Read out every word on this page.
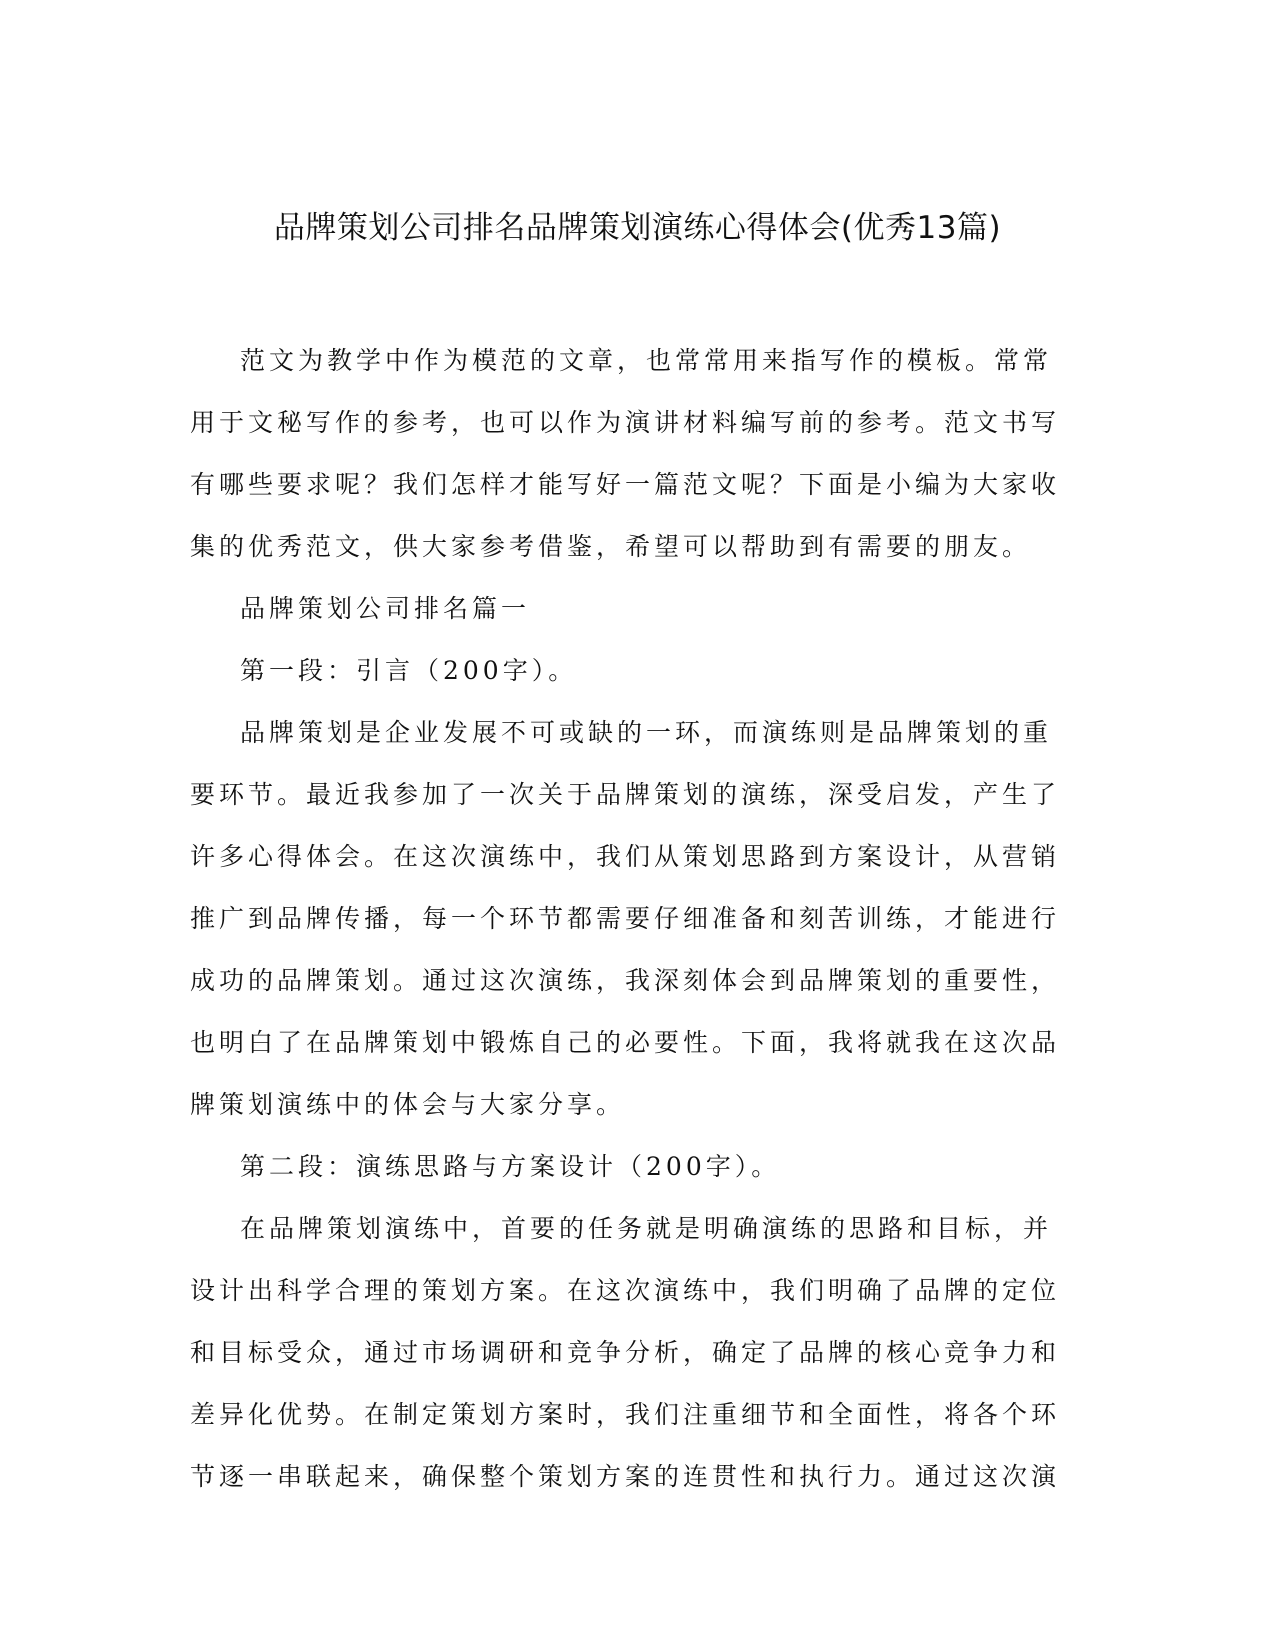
品牌策划公司排名品牌策划演练心得体会(优秀13篇)

范文为教学中作为模范的文章，也常常用来指写作的模板。常常用于文秘写作的参考，也可以作为演讲材料编写前的参考。范文书写有哪些要求呢？我们怎样才能写好一篇范文呢？下面是小编为大家收集的优秀范文，供大家参考借鉴，希望可以帮助到有需要的朋友。

品牌策划公司排名篇一

第一段：引言（200字）。

品牌策划是企业发展不可或缺的一环，而演练则是品牌策划的重要环节。最近我参加了一次关于品牌策划的演练，深受启发，产生了许多心得体会。在这次演练中，我们从策划思路到方案设计，从营销推广到品牌传播，每一个环节都需要仔细准备和刻苦训练，才能进行成功的品牌策划。通过这次演练，我深刻体会到品牌策划的重要性，也明白了在品牌策划中锻炼自己的必要性。下面，我将就我在这次品牌策划演练中的体会与大家分享。

第二段：演练思路与方案设计（200字）。

在品牌策划演练中，首要的任务就是明确演练的思路和目标，并设计出科学合理的策划方案。在这次演练中，我们明确了品牌的定位和目标受众，通过市场调研和竞争分析，确定了品牌的核心竞争力和差异化优势。在制定策划方案时，我们注重细节和全面性，将各个环节逐一串联起来，确保整个策划方案的连贯性和执行力。通过这次演
